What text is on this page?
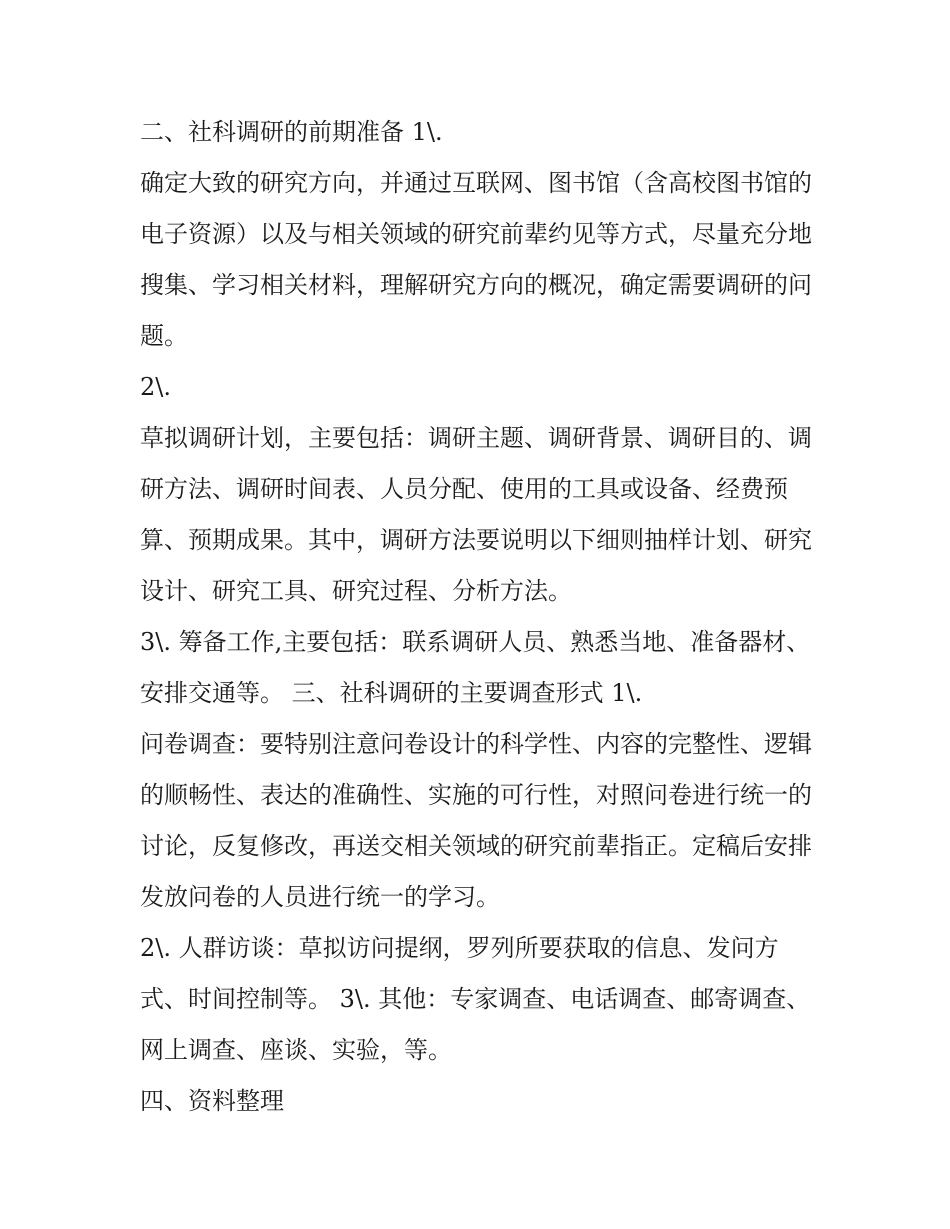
二、社科调研的前期准备 1\.

确定大致的研究方向，并通过互联网、图书馆（含高校图书馆的电子资源）以及与相关领域的研究前辈约见等方式，尽量充分地搜集、学习相关材料，理解研究方向的概况，确定需要调研的问题。

2\.

草拟调研计划，主要包括：调研主题、调研背景、调研目的、调研方法、调研时间表、人员分配、使用的工具或设备、经费预算、预期成果。其中，调研方法要说明以下细则抽样计划、研究设计、研究工具、研究过程、分析方法。

3\. 筹备工作,主要包括：联系调研人员、熟悉当地、准备器材、安排交通等。 三、社科调研的主要调查形式 1\.

问卷调查：要特别注意问卷设计的科学性、内容的完整性、逻辑的顺畅性、表达的准确性、实施的可行性，对照问卷进行统一的讨论，反复修改，再送交相关领域的研究前辈指正。定稿后安排发放问卷的人员进行统一的学习。

2\. 人群访谈：草拟访问提纲，罗列所要获取的信息、发问方式、时间控制等。 3\. 其他：专家调查、电话调查、邮寄调查、网上调查、座谈、实验，等。

四、资料整理
